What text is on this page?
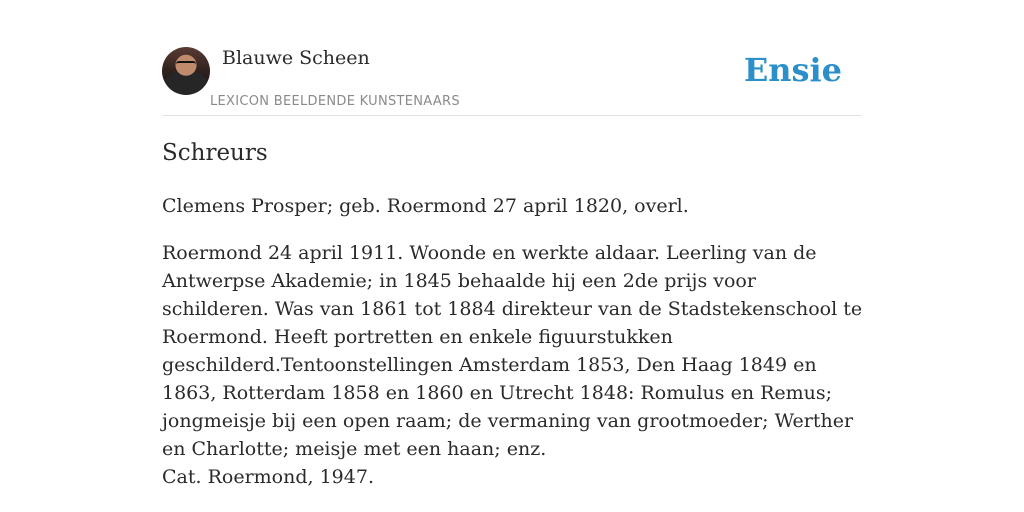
Blauwe Scheen
LEXICON BEELDENDE KUNSTENAARS
Ensie
Schreurs

Clemens Prosper; geb. Roermond 27 april 1820, overl.

Roermond 24 april 1911. Woonde en werkte aldaar. Leerling van de Antwerpse Akademie; in 1845 behaalde hij een 2de prijs voor schilderen. Was van 1861 tot 1884 direkteur van de Stadstekenschool te Roermond. Heeft portretten en enkele figuurstukken geschilderd.Tentoonstellingen Amsterdam 1853, Den Haag 1849 en 1863, Rotterdam 1858 en 1860 en Utrecht 1848: Romulus en Remus; jongmeisje bij een open raam; de vermaning van grootmoeder; Werther en Charlotte; meisje met een haan; enz.

Cat. Roermond, 1947.
